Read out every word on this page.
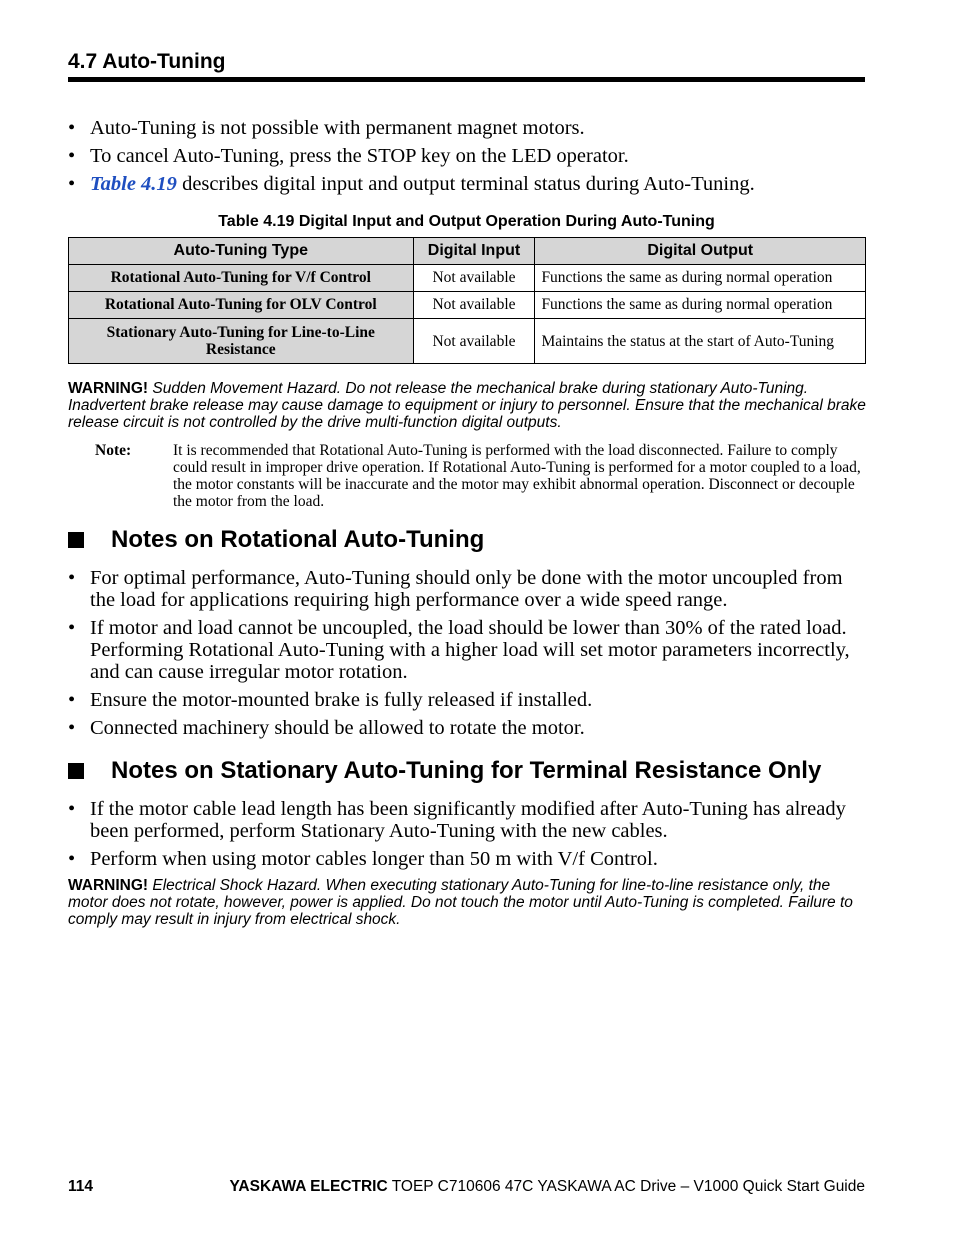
4.7 Auto-Tuning
• Auto-Tuning is not possible with permanent magnet motors.
• To cancel Auto-Tuning, press the STOP key on the LED operator.
• Table 4.19 describes digital input and output terminal status during Auto-Tuning.
Table 4.19 Digital Input and Output Operation During Auto-Tuning
Auto-Tuning Type	Digital Input	Digital Output
Rotational Auto-Tuning for V/f Control	Not available	Functions the same as during normal operation
Rotational Auto-Tuning for OLV Control	Not available	Functions the same as during normal operation
Stationary Auto-Tuning for Line-to-Line Resistance	Not available	Maintains the status at the start of Auto-Tuning
WARNING! Sudden Movement Hazard. Do not release the mechanical brake during stationary Auto-Tuning. Inadvertent brake release may cause damage to equipment or injury to personnel. Ensure that the mechanical brake release circuit is not controlled by the drive multi-function digital outputs.
Note:	It is recommended that Rotational Auto-Tuning is performed with the load disconnected. Failure to comply could result in improper drive operation. If Rotational Auto-Tuning is performed for a motor coupled to a load, the motor constants will be inaccurate and the motor may exhibit abnormal operation. Disconnect or decouple the motor from the load.
Notes on Rotational Auto-Tuning
• For optimal performance, Auto-Tuning should only be done with the motor uncoupled from the load for applications requiring high performance over a wide speed range.
• If motor and load cannot be uncoupled, the load should be lower than 30% of the rated load. Performing Rotational Auto-Tuning with a higher load will set motor parameters incorrectly, and can cause irregular motor rotation.
• Ensure the motor-mounted brake is fully released if installed.
• Connected machinery should be allowed to rotate the motor.
Notes on Stationary Auto-Tuning for Terminal Resistance Only
• If the motor cable lead length has been significantly modified after Auto-Tuning has already been performed, perform Stationary Auto-Tuning with the new cables.
• Perform when using motor cables longer than 50 m with V/f Control.
WARNING! Electrical Shock Hazard. When executing stationary Auto-Tuning for line-to-line resistance only, the motor does not rotate, however, power is applied. Do not touch the motor until Auto-Tuning is completed. Failure to comply may result in injury from electrical shock.
114	YASKAWA ELECTRIC TOEP C710606 47C YASKAWA AC Drive – V1000 Quick Start Guide
